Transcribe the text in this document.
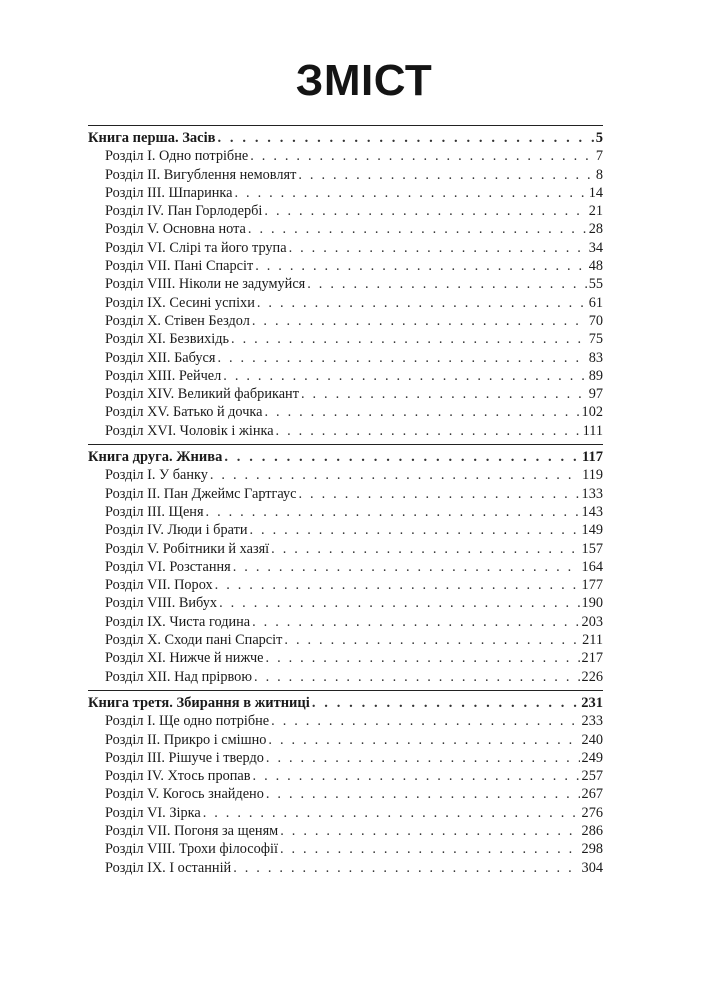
ЗМІСТ
Книга перша. Засів . . .	5
Розділ I. Одно потрібне . . .	7
Розділ II. Вигублення немовлят . . .	8
Розділ III. Шпаринка . . .	14
Розділ IV. Пан Горлодербі . . .	21
Розділ V. Основна нота . . .	28
Розділ VI. Слірі та його трупа . . .	34
Розділ VII. Пані Спарсіт . . .	48
Розділ VIII. Ніколи не задумуйся . . .	55
Розділ IX. Сесині успіхи . . .	61
Розділ X. Стівен Бездол . . .	70
Розділ XI. Безвихідь . . .	75
Розділ XII. Бабуся . . .	83
Розділ XIII. Рейчел . . .	89
Розділ XIV. Великий фабрикант . . .	97
Розділ XV. Батько й дочка . . .	102
Розділ XVI. Чоловік і жінка . . .	111
Книга друга. Жнива . . .	117
Розділ I. У банку . . .	119
Розділ II. Пан Джеймс Гартгаус . . .	133
Розділ III. Щеня . . .	143
Розділ IV. Люди і брати . . .	149
Розділ V. Робітники й хазяї . . .	157
Розділ VI. Розстання . . .	164
Розділ VII. Порох . . .	177
Розділ VIII. Вибух . . .	190
Розділ IX. Чиста година . . .	203
Розділ X. Сходи пані Спарсіт . . .	211
Розділ XI. Нижче й нижче . . .	217
Розділ XII. Над прірвою . . .	226
Книга третя. Збирання в житниці . . .	231
Розділ I. Ще одно потрібне . . .	233
Розділ II. Прикро і смішно . . .	240
Розділ III. Рішуче і твердо . . .	249
Розділ IV. Хтось пропав . . .	257
Розділ V. Когось знайдено . . .	267
Розділ VI. Зірка . . .	276
Розділ VII. Погоня за щеням . . .	286
Розділ VIII. Трохи філософії . . .	298
Розділ IX. І останній . . .	304
